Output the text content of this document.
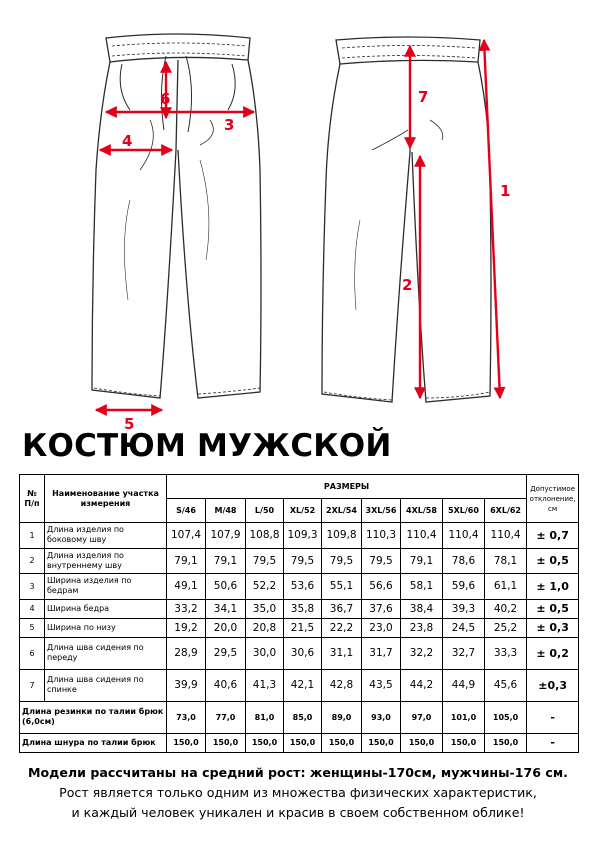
6
3
4
5
7
2
1
КОСТЮМ МУЖСКОЙ
№ П/п	Наименование участка измерения	РАЗМЕРЫ									Допустимое отклонение, см
		S/46	M/48	L/50	XL/52	2XL/54	3XL/56	4XL/58	5XL/60	6XL/62	
1	Длина изделия по боковому шву	107,4	107,9	108,8	109,3	109,8	110,3	110,4	110,4	110,4	± 0,7
2	Длина изделия по внутреннему шву	79,1	79,1	79,5	79,5	79,5	79,5	79,1	78,6	78,1	± 0,5
3	Ширина изделия по бедрам	49,1	50,6	52,2	53,6	55,1	56,6	58,1	59,6	61,1	± 1,0
4	Ширина бедра	33,2	34,1	35,0	35,8	36,7	37,6	38,4	39,3	40,2	± 0,5
5	Ширина по низу	19,2	20,0	20,8	21,5	22,2	23,0	23,8	24,5	25,2	± 0,3
6	Длина шва сидения по переду	28,9	29,5	30,0	30,6	31,1	31,7	32,2	32,7	33,3	± 0,2
7	Длина шва сидения по спинке	39,9	40,6	41,3	42,1	42,8	43,5	44,2	44,9	45,6	±0,3
Длина резинки по талии брюк (6,0см)		73,0	77,0	81,0	85,0	89,0	93,0	97,0	101,0	105,0	-
Длина шнура по талии брюк		150,0	150,0	150,0	150,0	150,0	150,0	150,0	150,0	150,0	-
Модели рассчитаны на средний рост: женщины-170см, мужчины-176 см.
Рост является только одним из множества физических характеристик,
и каждый человек уникален и красив в своем собственном облике!
